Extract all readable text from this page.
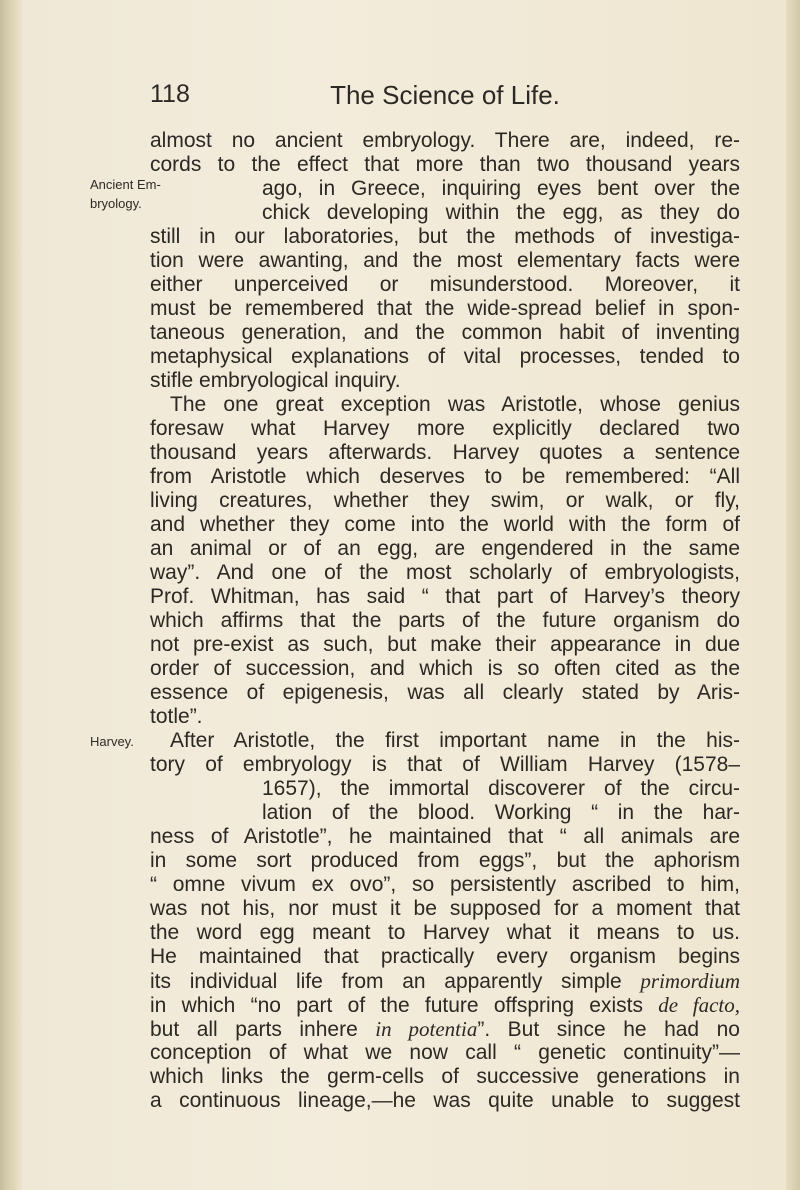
118	The Science of Life.
Ancient Em-
bryology.
Harvey.
almost no ancient embryology. There are, indeed, re-
cords to the effect that more than two thousand years
ago, in Greece, inquiring eyes bent over the
chick developing within the egg, as they do
still in our laboratories, but the methods of investiga-
tion were awanting, and the most elementary facts were
either unperceived or misunderstood. Moreover, it
must be remembered that the wide-spread belief in spon-
taneous generation, and the common habit of inventing
metaphysical explanations of vital processes, tended to
stifle embryological inquiry.
The one great exception was Aristotle, whose genius
foresaw what Harvey more explicitly declared two
thousand years afterwards. Harvey quotes a sentence
from Aristotle which deserves to be remembered: “All
living creatures, whether they swim, or walk, or fly,
and whether they come into the world with the form of
an animal or of an egg, are engendered in the same
way”. And one of the most scholarly of embryologists,
Prof. Whitman, has said “ that part of Harvey’s theory
which affirms that the parts of the future organism do
not pre-exist as such, but make their appearance in due
order of succession, and which is so often cited as the
essence of epigenesis, was all clearly stated by Aris-
totle”.
After Aristotle, the first important name in the his-
tory of embryology is that of William Harvey (1578–
1657), the immortal discoverer of the circu-
lation of the blood. Working “ in the har-
ness of Aristotle”, he maintained that “ all animals are
in some sort produced from eggs”, but the aphorism
“ omne vivum ex ovo”, so persistently ascribed to him,
was not his, nor must it be supposed for a moment that
the word egg meant to Harvey what it means to us.
He maintained that practically every organism begins
its individual life from an apparently simple primordium
in which “no part of the future offspring exists de facto,
but all parts inhere in potentia”. But since he had no
conception of what we now call “ genetic continuity”—
which links the germ-cells of successive generations in
a continuous lineage,—he was quite unable to suggest
